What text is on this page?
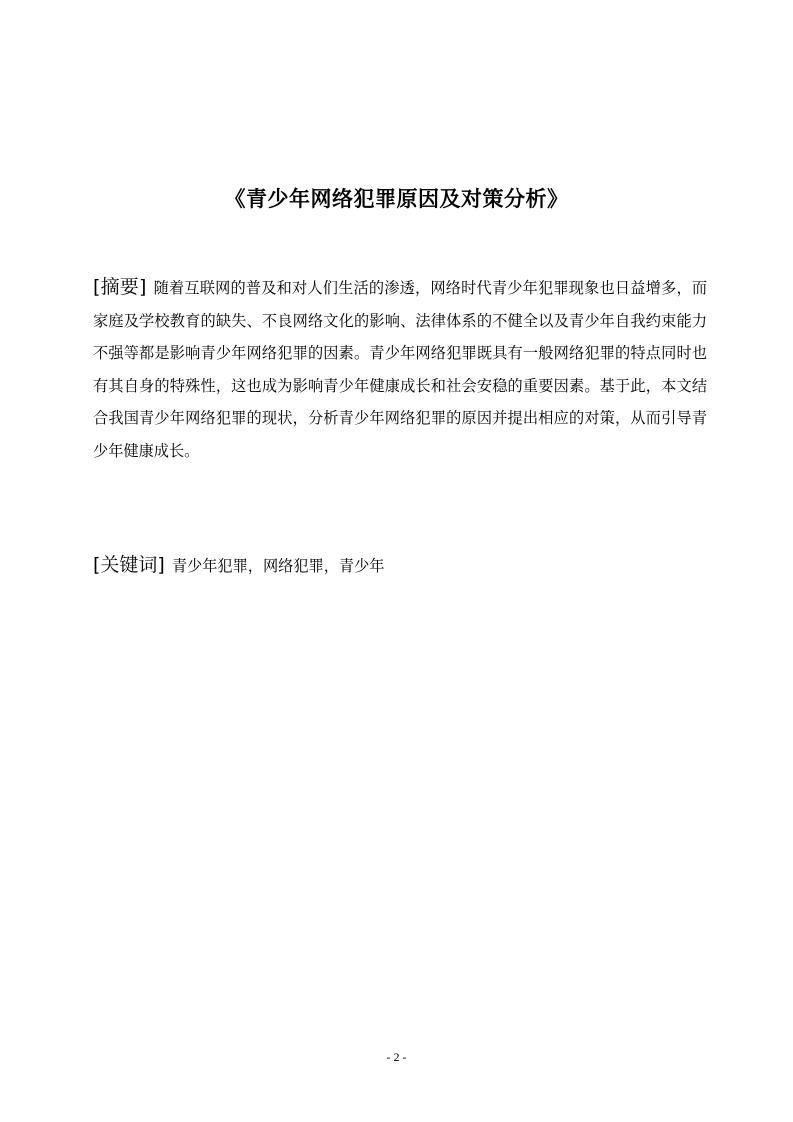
《青少年网络犯罪原因及对策分析》
[摘要] 随着互联网的普及和对人们生活的渗透，网络时代青少年犯罪现象也日益增多，而家庭及学校教育的缺失、不良网络文化的影响、法律体系的不健全以及青少年自我约束能力不强等都是影响青少年网络犯罪的因素。青少年网络犯罪既具有一般网络犯罪的特点同时也有其自身的特殊性，这也成为影响青少年健康成长和社会安稳的重要因素。基于此，本文结合我国青少年网络犯罪的现状，分析青少年网络犯罪的原因并提出相应的对策，从而引导青少年健康成长。
[关键词] 青少年犯罪，网络犯罪，青少年
- 2 -
